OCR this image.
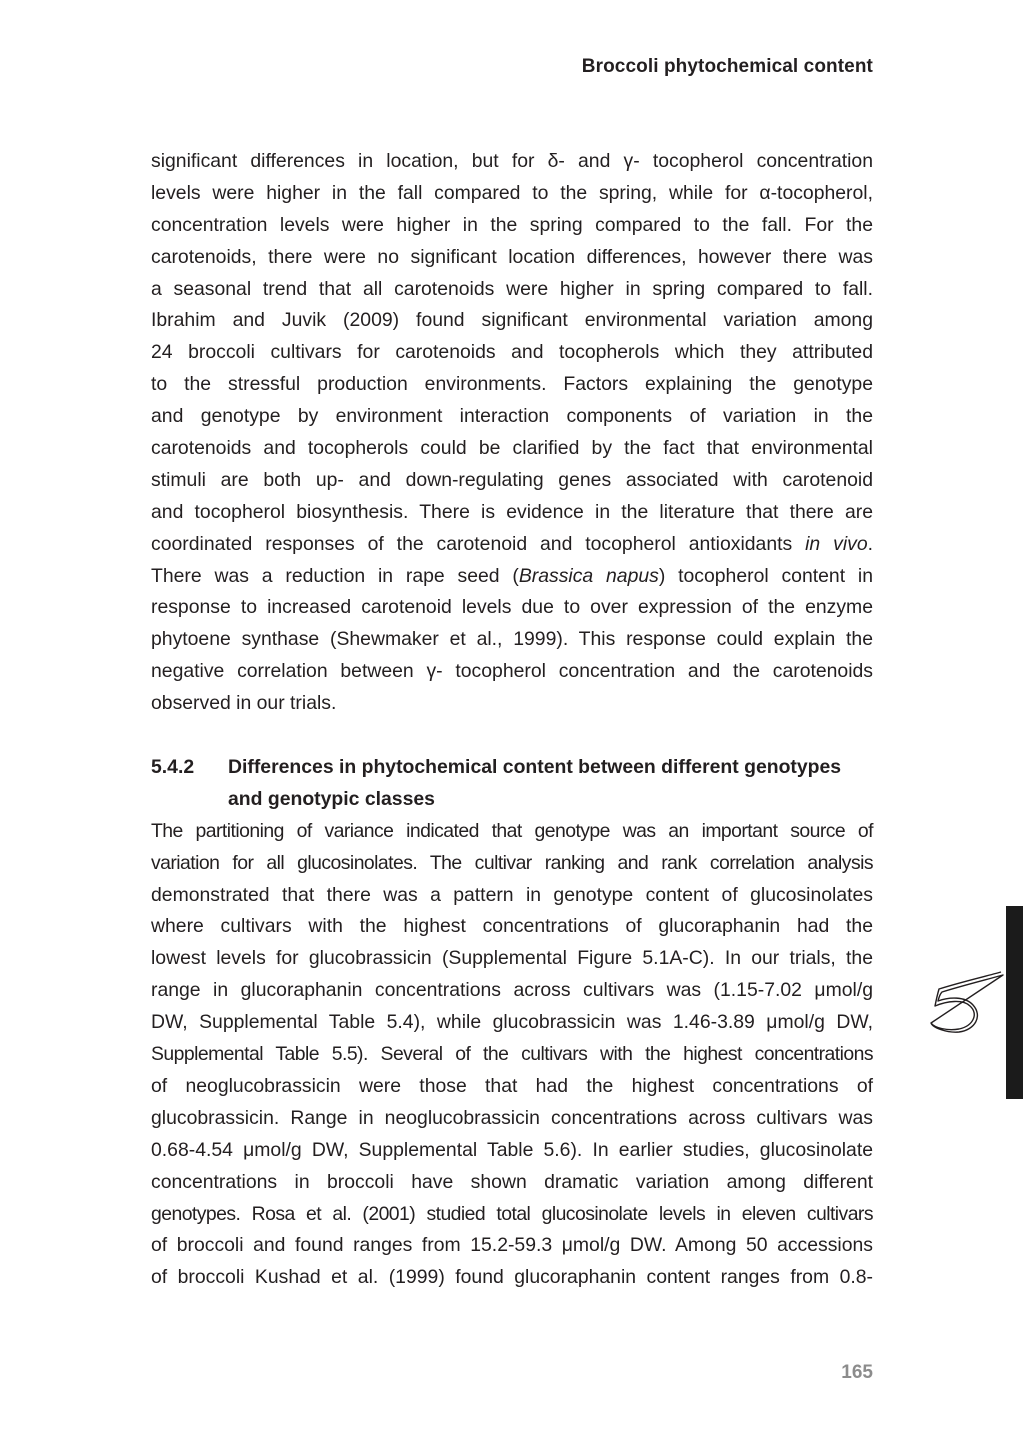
Broccoli phytochemical content
significant differences in location, but for δ- and γ- tocopherol concentration
levels were higher in the fall compared to the spring, while for α-tocopherol,
concentration levels were higher in the spring compared to the fall. For the
carotenoids, there were no significant location differences, however there was
a seasonal trend that all carotenoids were higher in spring compared to fall.
Ibrahim and Juvik (2009) found significant environmental variation among
24 broccoli cultivars for carotenoids and tocopherols which they attributed
to the stressful production environments. Factors explaining the genotype
and genotype by environment interaction components of variation in the
carotenoids and tocopherols could be clarified by the fact that environmental
stimuli are both up- and down-regulating genes associated with carotenoid
and tocopherol biosynthesis. There is evidence in the literature that there are
coordinated responses of the carotenoid and tocopherol antioxidants in vivo.
There was a reduction in rape seed (Brassica napus) tocopherol content in
response to increased carotenoid levels due to over expression of the enzyme
phytoene synthase (Shewmaker et al., 1999). This response could explain the
negative correlation between γ- tocopherol concentration and the carotenoids
observed in our trials.
5.4.2 Differences in phytochemical content between different genotypes
and genotypic classes
The partitioning of variance indicated that genotype was an important source of
variation for all glucosinolates. The cultivar ranking and rank correlation analysis
demonstrated that there was a pattern in genotype content of glucosinolates
where cultivars with the highest concentrations of glucoraphanin had the
lowest levels for glucobrassicin (Supplemental Figure 5.1A-C). In our trials, the
range in glucoraphanin concentrations across cultivars was (1.15-7.02 μmol/g
DW, Supplemental Table 5.4), while glucobrassicin was 1.46-3.89 μmol/g DW,
Supplemental Table 5.5). Several of the cultivars with the highest concentrations
of neoglucobrassicin were those that had the highest concentrations of
glucobrassicin. Range in neoglucobrassicin concentrations across cultivars was
0.68-4.54 μmol/g DW, Supplemental Table 5.6). In earlier studies, glucosinolate
concentrations in broccoli have shown dramatic variation among different
genotypes. Rosa et al. (2001) studied total glucosinolate levels in eleven cultivars
of broccoli and found ranges from 15.2-59.3 μmol/g DW. Among 50 accessions
of broccoli Kushad et al. (1999) found glucoraphanin content ranges from 0.8-
165
